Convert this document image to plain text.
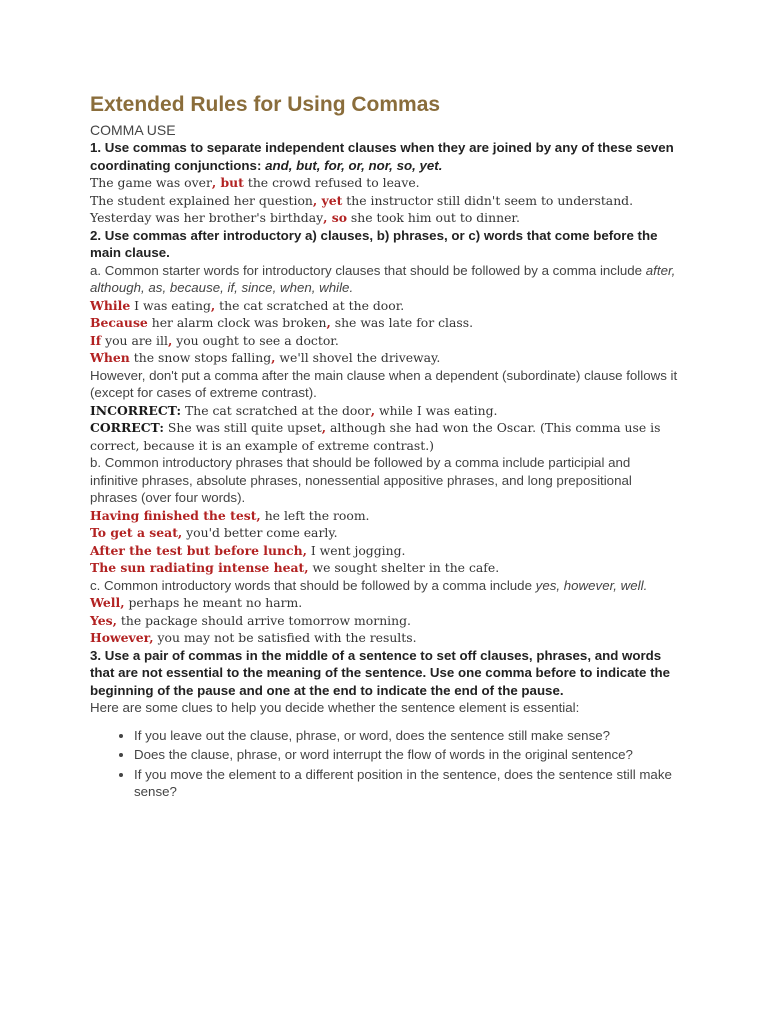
Extended Rules for Using Commas
COMMA USE
1. Use commas to separate independent clauses when they are joined by any of these seven coordinating conjunctions: and, but, for, or, nor, so, yet.
The game was over, but the crowd refused to leave.
The student explained her question, yet the instructor still didn't seem to understand.
Yesterday was her brother's birthday, so she took him out to dinner.
2. Use commas after introductory a) clauses, b) phrases, or c) words that come before the main clause.
a. Common starter words for introductory clauses that should be followed by a comma include after, although, as, because, if, since, when, while.
While I was eating, the cat scratched at the door.
Because her alarm clock was broken, she was late for class.
If you are ill, you ought to see a doctor.
When the snow stops falling, we'll shovel the driveway.
However, don't put a comma after the main clause when a dependent (subordinate) clause follows it (except for cases of extreme contrast).
INCORRECT: The cat scratched at the door, while I was eating.
CORRECT: She was still quite upset, although she had won the Oscar. (This comma use is correct, because it is an example of extreme contrast.)
b. Common introductory phrases that should be followed by a comma include participial and infinitive phrases, absolute phrases, nonessential appositive phrases, and long prepositional phrases (over four words).
Having finished the test, he left the room.
To get a seat, you'd better come early.
After the test but before lunch, I went jogging.
The sun radiating intense heat, we sought shelter in the cafe.
c. Common introductory words that should be followed by a comma include yes, however, well.
Well, perhaps he meant no harm.
Yes, the package should arrive tomorrow morning.
However, you may not be satisfied with the results.
3. Use a pair of commas in the middle of a sentence to set off clauses, phrases, and words that are not essential to the meaning of the sentence. Use one comma before to indicate the beginning of the pause and one at the end to indicate the end of the pause.
Here are some clues to help you decide whether the sentence element is essential:
• If you leave out the clause, phrase, or word, does the sentence still make sense?
• Does the clause, phrase, or word interrupt the flow of words in the original sentence?
• If you move the element to a different position in the sentence, does the sentence still make sense?
